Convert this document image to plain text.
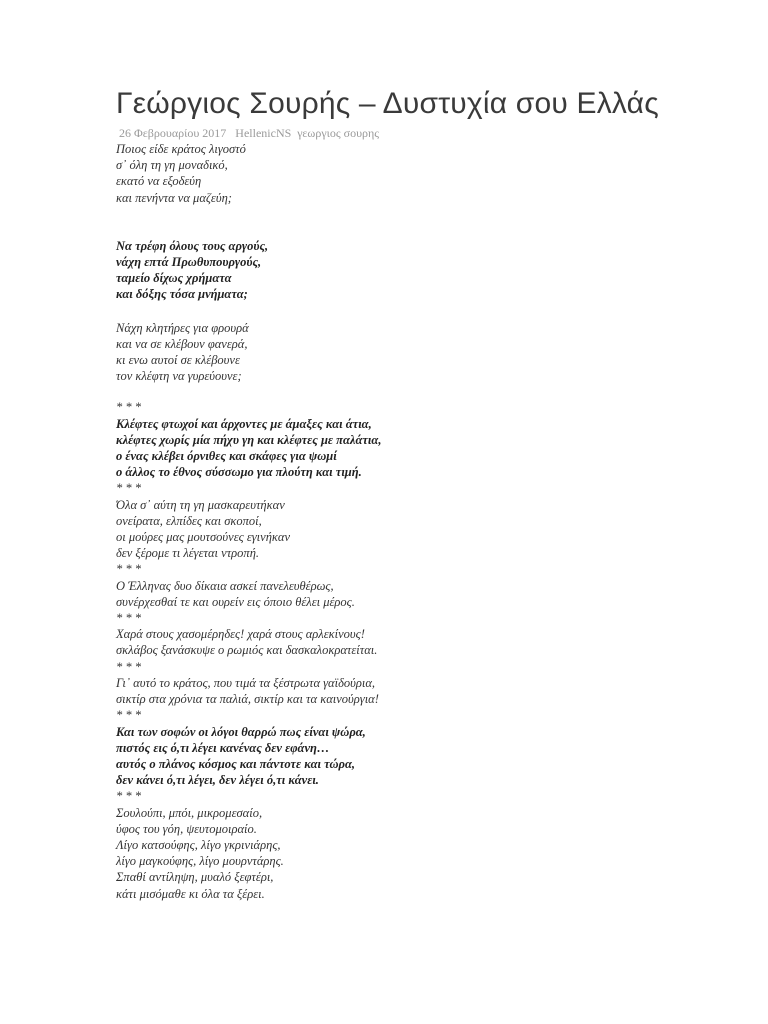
Γεώργιος Σουρής – Δυστυχία σου Ελλάς
26 Φεβρουαρίου 2017 HellenicNS γεωργιος σουρης
Ποιος είδε κράτος λιγοστό
σ᾽ όλη τη γη μοναδικό,
εκατό να εξοδεύη
και πενήντα να μαζεύη;
Να τρέφη όλους τους αργούς,
νάχη επτά Πρωθυπουργούς,
ταμείο δίχως χρήματα
και δόξης τόσα μνήματα;
Νάχη κλητήρες για φρουρά
και να σε κλέβουν φανερά,
κι ενω αυτοί σε κλέβουνε
τον κλέφτη να γυρεύουνε;
* * *
Κλέφτες φτωχοί και άρχοντες με άμαξες και άτια,
κλέφτες χωρίς μία πήχυ γη και κλέφτες με παλάτια,
ο ένας κλέβει όρνιθες και σκάφες για ψωμί
ο άλλος το έθνος σύσσωμο για πλούτη και τιμή.
* * *
Όλα σ᾽ αύτη τη γη μασκαρευτήκαν
ονείρατα, ελπίδες και σκοποί,
οι μούρες μας μουτσούνες εγινήκαν
δεν ξέρομε τι λέγεται ντροπή.
* * *
Ο Έλληνας δυο δίκαια ασκεί πανελευθέρως,
συνέρχεσθαί τε και ουρείν εις όποιο θέλει μέρος.
* * *
Χαρά στους χασομέρηδες! χαρά στους αρλεκίνους!
σκλάβος ξανάσκυψε ο ρωμιός και δασκαλοκρατείται.
* * *
Γι᾽ αυτό το κράτος, που τιμά τα ξέστρωτα γαϊδούρια,
σικτίρ στα χρόνια τα παλιά, σικτίρ και τα καινούργια!
* * *
Και των σοφών οι λόγοι θαρρώ πως είναι ψώρα,
πιστός εις ό,τι λέγει κανένας δεν εφάνη…
αυτός ο πλάνος κόσμος και πάντοτε και τώρα,
δεν κάνει ό,τι λέγει, δεν λέγει ό,τι κάνει.
* * *
Σουλούπι, μπόι, μικρομεσαίο,
ύφος του γόη, ψευτομοιραίο.
Λίγο κατσούφης, λίγο γκρινιάρης,
λίγο μαγκούφης, λίγο μουρντάρης.
Σπαθί αντίληψη, μυαλό ξεφτέρι,
κάτι μισόμαθε κι όλα τα ξέρει.
